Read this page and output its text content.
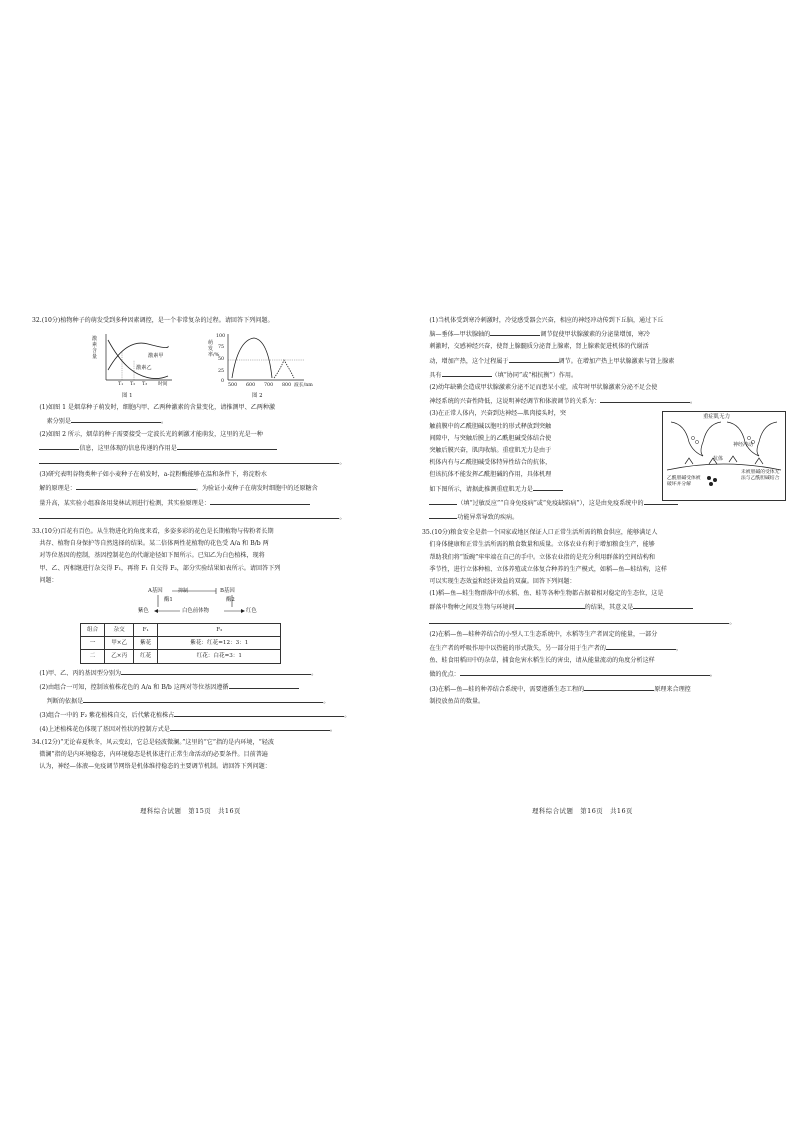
32.(10分)植物种子的萌发受到多种因素调控，是一个非常复杂的过程。请回答下列问题。

激素含量	激素甲
激素乙
T₁ T₂ T₃ 时间
图 1
萌发率/%
100
75
50
25
0
500 600 700 800 波长/nm
图 2

(1)如图 1 是烟草种子萌发时，细胞内甲、乙两种激素的含量变化，请推测甲、乙两种激

素分别是	。

(2)如图 2 所示，烟草的种子需要接受一定波长光的刺激才能萌发，这里的光是一种

信息，这里体现的信息传递的作用是

。

(3)研究表明谷物类种子如小麦种子在萌发时，a-淀粉酶能够在温和条件下，将淀粉水

解的原理是：	。为验证小麦种子在萌发时细胞中的还原糖含

量升高，某实验小组准备用斐林试剂进行检测，其实验原理是：

。

33.(10分)百花有百色。从生物进化的角度来看，多姿多彩的花色是长期植物与传粉者长期

共存、植物自身保护等自然选择的结果。某二倍体两性花植物的花色受 A/a 和 B/b 两

对等位基因的控制，基因控制花色的代谢途径如下图所示。已知乙为白色植株，现将

甲、乙、丙相继进行杂交得 F₁，再将 F₁ 自交得 F₂，部分实验结果如表所示。请回答下列

问题：

A基因	抑制	B基因
酶1	酶2
紫色	白色前体物	红色
组合	杂交	F₁	F₂
一	甲×乙	紫花	紫花：红花=12：3：1
二	乙×丙	红花	红花：白花=3：1

(1)甲、乙、丙的基因型分别为	。

(2)由组合一可知，控制该植株花色的 A/a 和 B/b 这两对等位基因遵循

判断的依据是	。

(3)组合一中的 F₂ 紫花植株自交，后代紫花植株占	。

(4)上述植株花色体现了基因对性状的控制方式是	。

34.(12分)“无论春夏秋冬，风云变幻，它总是轻波微澜。”这里的“它”指的是内环境，“轻波

微澜”指的是内环境稳态，内环境稳态是机体进行正常生命活动的必要条件。目前普遍

认为，神经—体液—免疫调节网络是机体维持稳态的主要调节机制。请回答下列问题：

理科综合试题　第15页　共16页

(1)当机体受到寒冷刺激时，冷觉感受器会兴奋，相应的神经冲动传到下丘脑，通过下丘

脑—垂体—甲状腺轴的	调节促使甲状腺激素的分泌量增加，寒冷

刺激时，交感神经兴奋，使肾上腺髓质分泌肾上腺素，肾上腺素促进机体的代谢活

动，增加产热，这个过程属于	调节。在增加产热上甲状腺激素与肾上腺素

具有	（填“协同”或“相抗衡”）作用。

(2)幼年缺碘会造成甲状腺激素分泌不足而患呆小症，成年时甲状腺激素分泌不足会使

神经系统的兴奋性降低，这说明神经调节和体液调节的关系为：	。

(3)在正常人体内，兴奋到达神经—肌肉接头时，突

触前膜中的乙酰胆碱以胞吐的形式释放到突触

间隙中，与突触后膜上的乙酰胆碱受体结合使

突触后膜兴奋，肌肉收缩。重症肌无力是由于

机体内有与乙酰胆碱受体特异性结合的抗体，

但该抗体不能发挥乙酰胆碱的作用，具体机理

如下图所示，请据此推测重症肌无力是

（填“过敏反应”“自身免疫病”或“免疫缺陷病”），这是由免疫系统中的

功能异常导致的疾病。

重症肌无力
神经冲动
抗体
乙酰胆碱受体被破坏并分解
未被胆碱的受体无法与乙酰胆碱结合

35.(10分)粮食安全是指一个国家或地区保证人口正常生活所需的粮食供应，能够满足人

们身体健康和正常生活所需的粮食数量和质量。立体农业有利于增加粮食生产，能够

帮助我们将“饭碗”牢牢端在自己的手中。立体农业指的是充分利用群落的空间结构和

季节性，进行立体种植、立体养殖或立体复合种养的生产模式，如稻—鱼—蛙结构，这样

可以实现生态效益和经济效益的双赢。回答下列问题：

(1)稻—鱼—蛙生物群落中的水稻、鱼、蛙等各种生物都占据着相对稳定的生态位，这是

群落中物种之间及生物与环境间	的结果，其意义是

。

(2)在稻—鱼—蛙种养结合的小型人工生态系统中，水稻等生产者固定的能量，一部分

在生产者的呼吸作用中以热能的形式散失，另一部分用于生产者的	，

鱼、蛙食用稻田中的杂草，捕食危害水稻生长的害虫，请从能量流动的角度分析这样

做的优点：	。

(3)在稻—鱼—蛙的种养结合系统中，需要遵循生态工程的	原理来合理控

制投放鱼苗的数量。

理科综合试题　第16页　共16页
